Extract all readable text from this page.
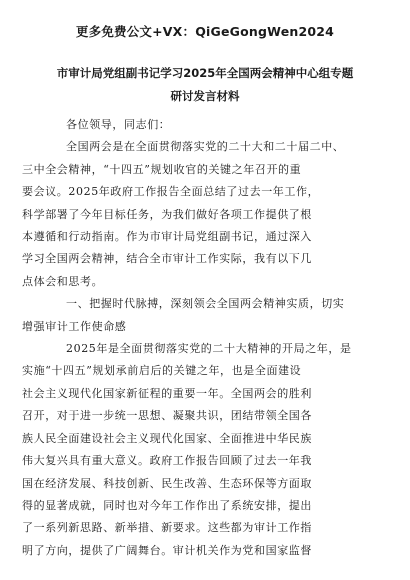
更多免费公文+VX：QiGeGongWen2024
市审计局党组副书记学习2025年全国两会精神中心组专题
研讨发言材料

各位领导，同志们：

全国两会是在全面贯彻落实党的二十大和二十届二中、
三中全会精神，“十四五”规划收官的关键之年召开的重
要会议。2025年政府工作报告全面总结了过去一年工作，
科学部署了今年目标任务，为我们做好各项工作提供了根
本遵循和行动指南。作为市审计局党组副书记，通过深入
学习全国两会精神，结合全市审计工作实际，我有以下几
点体会和思考。

一、把握时代脉搏，深刻领会全国两会精神实质，切实
增强审计工作使命感

2025年是全面贯彻落实党的二十大精神的开局之年，是
实施“十四五”规划承前启后的关键之年，也是全面建设
社会主义现代化国家新征程的重要一年。全国两会的胜利
召开，对于进一步统一思想、凝聚共识，团结带领全国各
族人民全面建设社会主义现代化国家、全面推进中华民族
伟大复兴具有重大意义。政府工作报告回顾了过去一年我
国在经济发展、科技创新、民生改善、生态环保等方面取
得的显著成就，同时也对今年工作作出了系统安排，提出
了一系列新思路、新举措、新要求。这些都为审计工作指
明了方向，提供了广阔舞台。审计机关作为党和国家监督
